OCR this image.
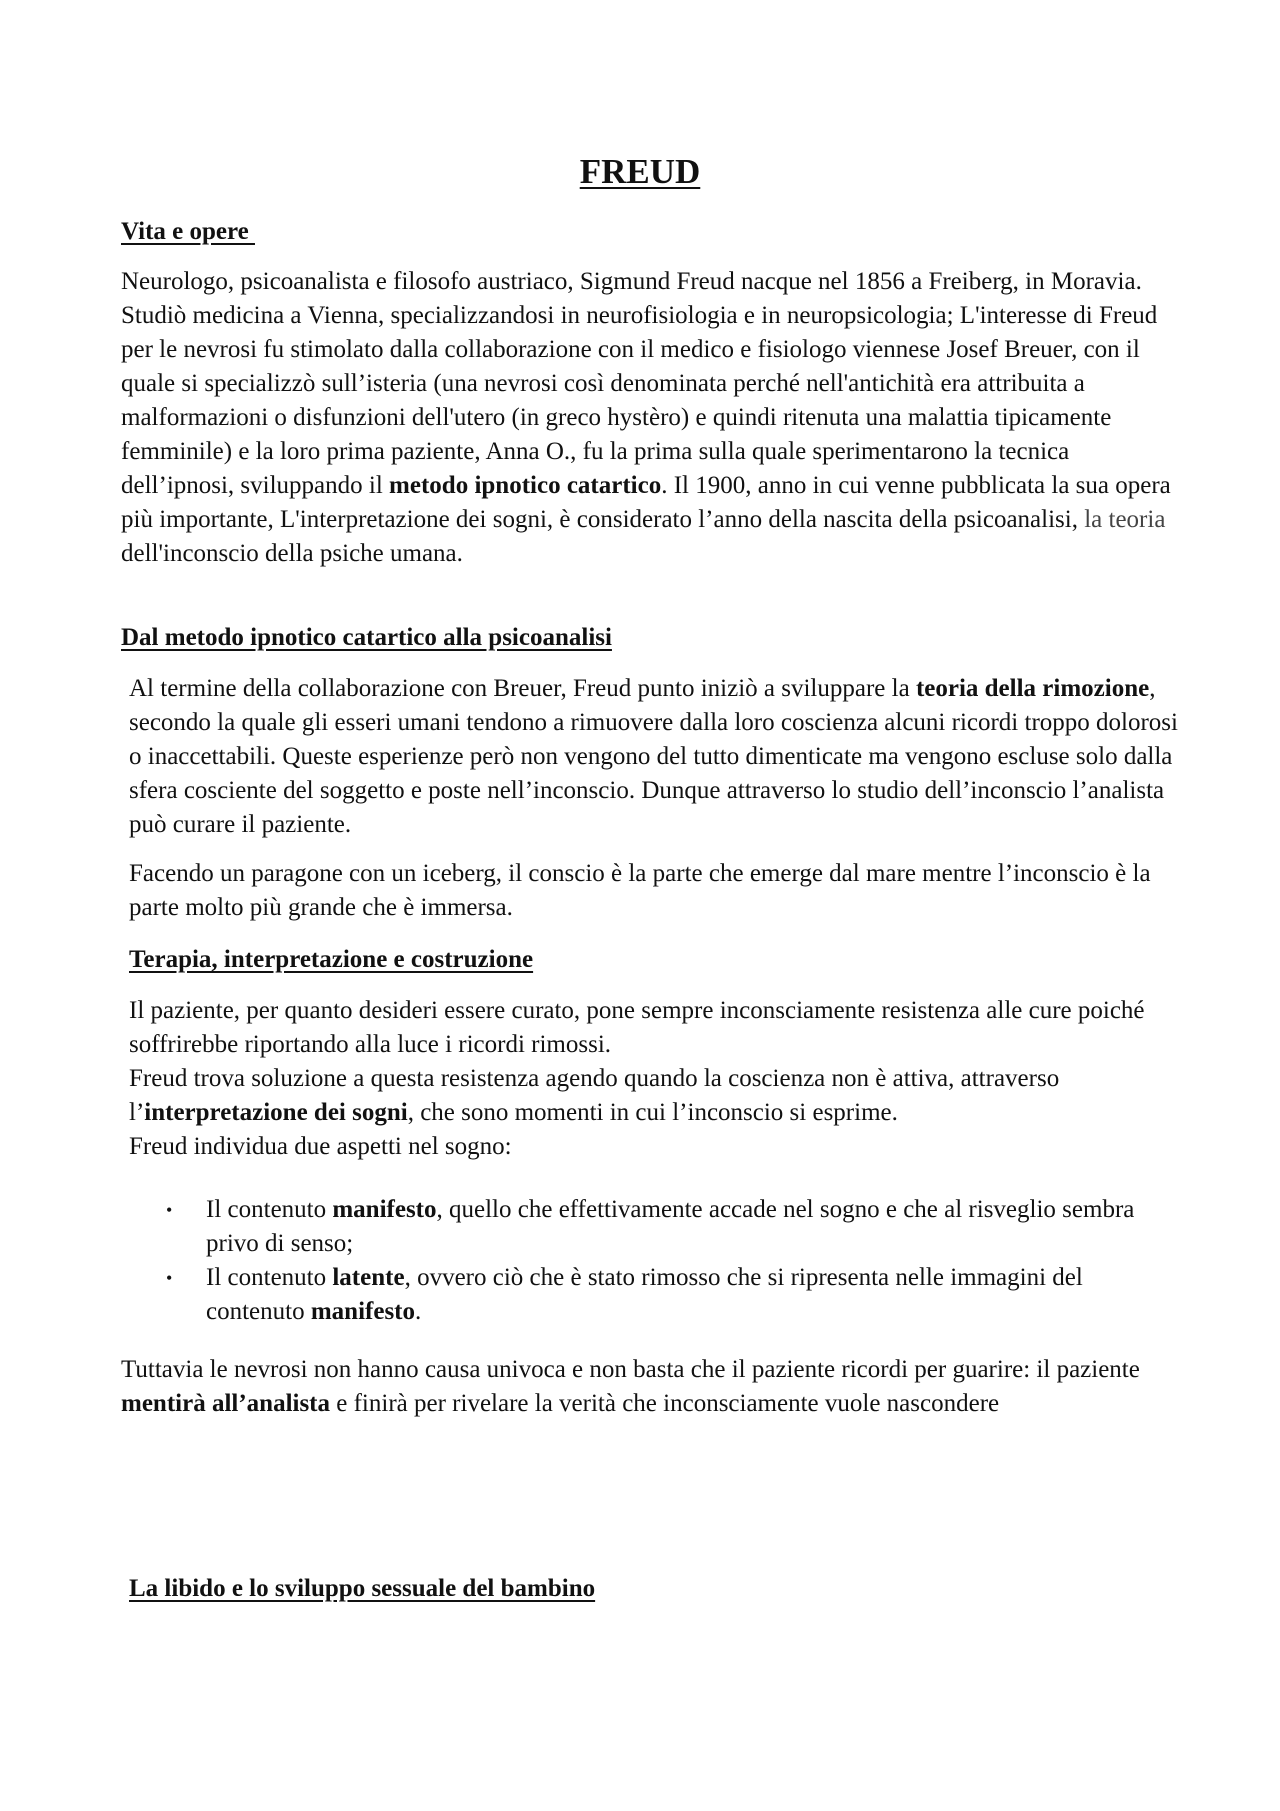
FREUD
Vita e opere

Neurologo, psicoanalista e filosofo austriaco, Sigmund Freud nacque nel 1856 a Freiberg, in Moravia. Studiò medicina a Vienna, specializzandosi in neurofisiologia e in neuropsicologia; L'interesse di Freud per le nevrosi fu stimolato dalla collaborazione con il medico e fisiologo viennese Josef Breuer, con il quale si specializzò sull’isteria (una nevrosi così denominata perché nell'antichità era attribuita a malformazioni o disfunzioni dell'utero (in greco hystèro) e quindi ritenuta una malattia tipicamente femminile) e la loro prima paziente, Anna O., fu la prima sulla quale sperimentarono la tecnica dell’ipnosi, sviluppando il metodo ipnotico catartico. Il 1900, anno in cui venne pubblicata la sua opera più importante, L'interpretazione dei sogni, è considerato l’anno della nascita della psicoanalisi, la teoria dell'inconscio della psiche umana.

Dal metodo ipnotico catartico alla psicoanalisi

Al termine della collaborazione con Breuer, Freud punto iniziò a sviluppare la teoria della rimozione, secondo la quale gli esseri umani tendono a rimuovere dalla loro coscienza alcuni ricordi troppo dolorosi o inaccettabili. Queste esperienze però non vengono del tutto dimenticate ma vengono escluse solo dalla sfera cosciente del soggetto e poste nell’inconscio. Dunque attraverso lo studio dell’inconscio l’analista può curare il paziente.

Facendo un paragone con un iceberg, il conscio è la parte che emerge dal mare mentre l’inconscio è la parte molto più grande che è immersa.

Terapia, interpretazione e costruzione

Il paziente, per quanto desideri essere curato, pone sempre inconsciamente resistenza alle cure poiché soffrirebbe riportando alla luce i ricordi rimossi.

Freud trova soluzione a questa resistenza agendo quando la coscienza non è attiva, attraverso l’interpretazione dei sogni, che sono momenti in cui l’inconscio si esprime.

Freud individua due aspetti nel sogno:

• Il contenuto manifesto, quello che effettivamente accade nel sogno e che al risveglio sembra privo di senso;
• Il contenuto latente, ovvero ciò che è stato rimosso che si ripresenta nelle immagini del contenuto manifesto.

Tuttavia le nevrosi non hanno causa univoca e non basta che il paziente ricordi per guarire: il paziente mentirà all’analista e finirà per rivelare la verità che inconsciamente vuole nascondere

La libido e lo sviluppo sessuale del bambino
